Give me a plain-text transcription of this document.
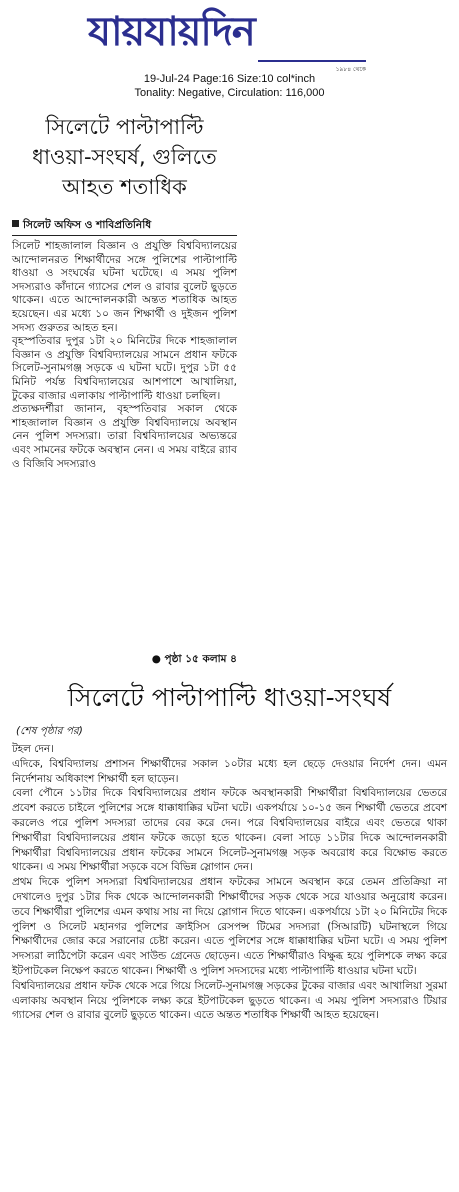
যায়যায়দিন
১৯৮৪ থেকে
19-Jul-24 Page:16 Size:10 col*inch
Tonality: Negative, Circulation: 116,000
সিলেটে পাল্টাপাল্টি
ধাওয়া-সংঘর্ষ, গুলিতে
আহত শতাধিক
সিলেট অফিস ও শাবিপ্রতিনিধি

সিলেট শাহজালাল বিজ্ঞান ও প্রযুক্তি বিশ্ববিদ্যালয়ের আন্দোলনরত শিক্ষার্থীদের সঙ্গে পুলিশের পাল্টাপাল্টি ধাওয়া ও সংঘর্ষের ঘটনা ঘটেছে। এ সময় পুলিশ সদস্যরাও কাঁদানে গ্যাসের শেল ও রাবার বুলেট ছুড়তে থাকেন। এতে আন্দোলনকারী অন্তত শতাধিক আহত হয়েছেন। এর মধ্যে ১০ জন শিক্ষার্থী ও দুইজন পুলিশ সদস্য গুরুতর আহত হন।

বৃহস্পতিবার দুপুর ১টা ২০ মিনিটের দিকে শাহজালাল বিজ্ঞান ও প্রযুক্তি বিশ্ববিদ্যালয়ের সামনে প্রধান ফটকে সিলেট-সুনামগঞ্জ সড়কে এ ঘটনা ঘটে। দুপুর ১টা ৫৫ মিনিট পর্যন্ত বিশ্ববিদ্যালয়ের আশপাশে আখালিয়া, টুকের বাজার এলাকায় পাল্টাপাল্টি ধাওয়া চলছিল।

প্রত্যক্ষদর্শীরা জানান, বৃহস্পতিবার সকাল থেকে শাহজালাল বিজ্ঞান ও প্রযুক্তি বিশ্ববিদ্যালয়ে অবস্থান নেন পুলিশ সদস্যরা। তারা বিশ্ববিদ্যালয়ের অভ্যন্তরে এবং সামনের ফটকে অবস্থান নেন। এ সময় বাইরে র‌্যাব ও বিজিবি সদস্যরাও

● পৃষ্ঠা ১৫ কলাম ৪
সিলেটে পাল্টাপাল্টি ধাওয়া-সংঘর্ষ
(শেষ পৃষ্ঠার পর)

টহল দেন।

এদিকে, বিশ্ববিদ্যালয় প্রশাসন শিক্ষার্থীদের সকাল ১০টার মধ্যে হল ছেড়ে দেওয়ার নির্দেশ দেন। এমন নির্দেশনায় অধিকাংশ শিক্ষার্থী হল ছাড়েন।

বেলা পৌনে ১১টার দিকে বিশ্ববিদ্যালয়ের প্রধান ফটকে অবস্থানকারী শিক্ষার্থীরা বিশ্ববিদ্যালয়ের ভেতরে প্রবেশ করতে চাইলে পুলিশের সঙ্গে ধাক্কাধাক্কির ঘটনা ঘটে। একপর্যায়ে ১০-১৫ জন শিক্ষার্থী ভেতরে প্রবেশ করলেও পরে পুলিশ সদস্যরা তাদের বের করে দেন। পরে বিশ্ববিদ্যালয়ের বাইরে এবং ভেতরে থাকা শিক্ষার্থীরা বিশ্ববিদ্যালয়ের প্রধান ফটকে জড়ো হতে থাকেন। বেলা সাড়ে ১১টার দিকে আন্দোলনকারী শিক্ষার্থীরা বিশ্ববিদ্যালয়ের প্রধান ফটকের সামনে সিলেট-সুনামগঞ্জ সড়ক অবরোধ করে বিক্ষোভ করতে থাকেন। এ সময় শিক্ষার্থীরা সড়কে বসে বিভিন্ন স্লোগান দেন।

প্রথম দিকে পুলিশ সদস্যরা বিশ্ববিদ্যালয়ের প্রধান ফটকের সামনে অবস্থান করে তেমন প্রতিক্রিয়া না দেখালেও দুপুর ১টার দিক থেকে আন্দোলনকারী শিক্ষার্থীদের সড়ক থেকে সরে যাওয়ার অনুরোধ করেন। তবে শিক্ষার্থীরা পুলিশের এমন কথায় সায় না দিয়ে স্লোগান দিতে থাকেন। একপর্যায়ে ১টা ২০ মিনিটের দিকে পুলিশ ও সিলেট মহানগর পুলিশের ক্রাইসিস রেসপন্স টিমের সদস্যরা (সিআরটি) ঘটনাস্থলে গিয়ে শিক্ষার্থীদের জোর করে সরানোর চেষ্টা করেন। এতে পুলিশের সঙ্গে ধাক্কাধাক্কির ঘটনা ঘটে। এ সময় পুলিশ সদস্যরা লাঠিপেটা করেন এবং সাউন্ড গ্রেনেড ছোড়েন। এতে শিক্ষার্থীরাও বিক্ষুব্ধ হয়ে পুলিশকে লক্ষ্য করে ইটপাটকেল নিক্ষেপ করতে থাকেন। শিক্ষার্থী ও পুলিশ সদস্যদের মধ্যে পাল্টাপাল্টি ধাওয়ার ঘটনা ঘটে।

বিশ্ববিদ্যালয়ের প্রধান ফটক থেকে সরে গিয়ে সিলেট-সুনামগঞ্জ সড়কের টুকের বাজার এবং আখালিয়া সুরমা এলাকায় অবস্থান নিয়ে পুলিশকে লক্ষ্য করে ইটপাটকেল ছুড়তে থাকেন। এ সময় পুলিশ সদস্যরাও টিয়ার গ্যাসের শেল ও রাবার বুলেট ছুড়তে থাকেন। এতে অন্তত শতাধিক শিক্ষার্থী আহত হয়েছেন।
